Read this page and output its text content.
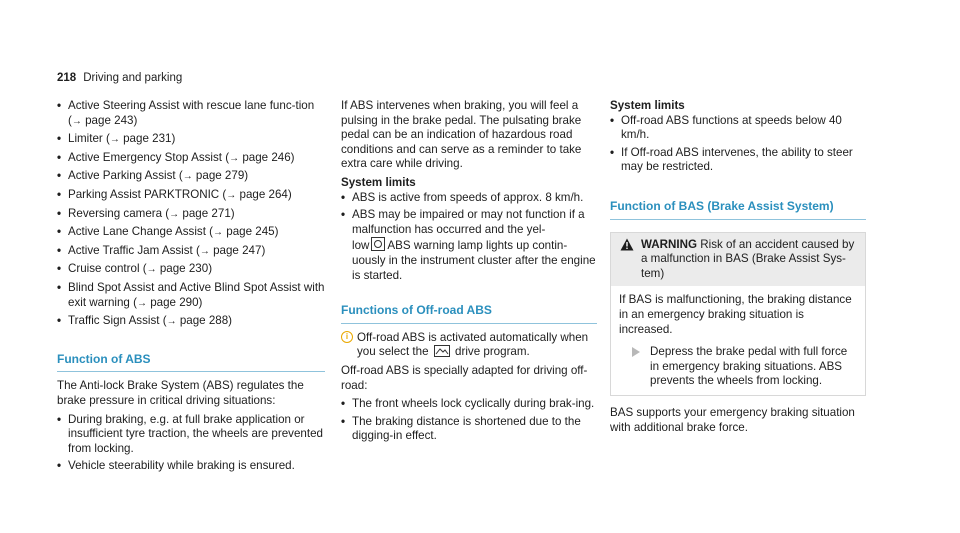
218 Driving and parking
• Active Steering Assist with rescue lane func-tion (→ page 243)
• Limiter (→ page 231)
• Active Emergency Stop Assist (→ page 246)
• Active Parking Assist (→ page 279)
• Parking Assist PARKTRONIC (→ page 264)
• Reversing camera (→ page 271)
• Active Lane Change Assist (→ page 245)
• Active Traffic Jam Assist (→ page 247)
• Cruise control (→ page 230)
• Blind Spot Assist and Active Blind Spot Assist with exit warning (→ page 290)
• Traffic Sign Assist (→ page 288)
Function of ABS

The Anti-lock Brake System (ABS) regulates the brake pressure in critical driving situations:

• During braking, e.g. at full brake application or insufficient tyre traction, the wheels are prevented from locking.
• Vehicle steerability while braking is ensured.

If ABS intervenes when braking, you will feel a pulsing in the brake pedal. The pulsating brake pedal can be an indication of hazardous road conditions and can serve as a reminder to take extra care while driving.

System limits
• ABS is active from speeds of approx. 8 km/h.
• ABS may be impaired or may not function if a malfunction has occurred and the yel-
low ABS warning lamp lights up contin-uously in the instrument cluster after the engine is started.
Functions of Off-road ABS
i Off-road ABS is activated automatically when you select the drive program.

Off-road ABS is specially adapted for driving off-road:

• The front wheels lock cyclically during brak-ing.
• The braking distance is shortened due to the digging-in effect.
System limits
• Off-road ABS functions at speeds below 40 km/h.
• If Off-road ABS intervenes, the ability to steer may be restricted.
Function of BAS (Brake Assist System)
WARNING Risk of an accident caused by a malfunction in BAS (Brake Assist Sys-tem)
If BAS is malfunctioning, the braking distance in an emergency braking situation is increased.
Depress the brake pedal with full force in emergency braking situations. ABS prevents the wheels from locking.

BAS supports your emergency braking situation with additional brake force.
